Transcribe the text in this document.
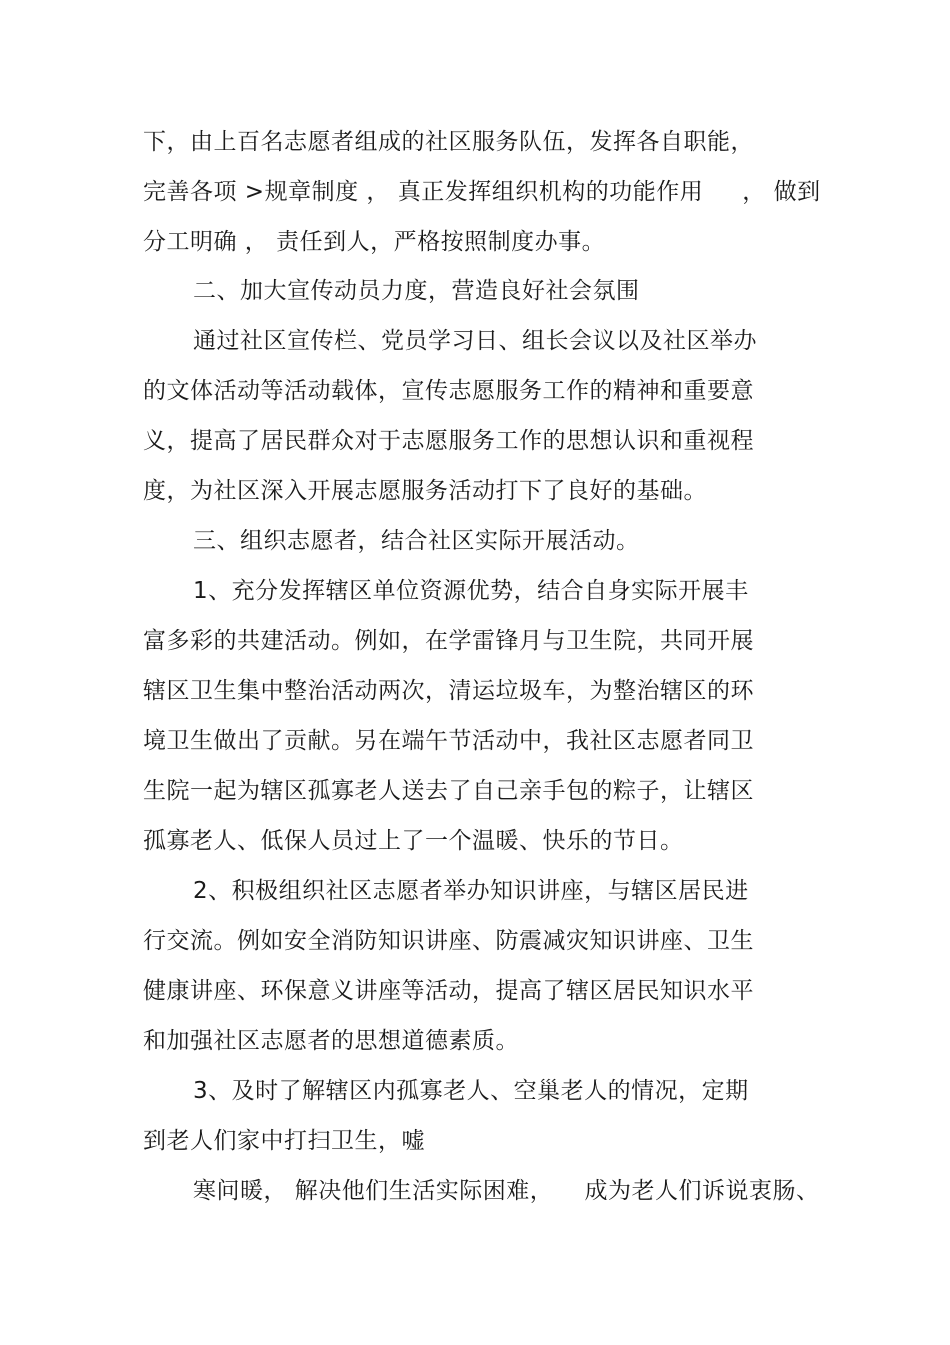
下，由上百名志愿者组成的社区服务队伍，发挥各自职能，
完善各项 >规章制度 ， 真正发挥组织机构的功能作用     ， 做到
分工明确 ， 责任到人，严格按照制度办事。
二、加大宣传动员力度，营造良好社会氛围
通过社区宣传栏、党员学习日、组长会议以及社区举办
的文体活动等活动载体，宣传志愿服务工作的精神和重要意
义，提高了居民群众对于志愿服务工作的思想认识和重视程
度，为社区深入开展志愿服务活动打下了良好的基础。
三、组织志愿者，结合社区实际开展活动。
1、充分发挥辖区单位资源优势，结合自身实际开展丰
富多彩的共建活动。例如，在学雷锋月与卫生院，共同开展
辖区卫生集中整治活动两次，清运垃圾车，为整治辖区的环
境卫生做出了贡献。另在端午节活动中，我社区志愿者同卫
生院一起为辖区孤寡老人送去了自己亲手包的粽子，让辖区
孤寡老人、低保人员过上了一个温暖、快乐的节日。
2、积极组织社区志愿者举办知识讲座，与辖区居民进
行交流。例如安全消防知识讲座、防震减灾知识讲座、卫生
健康讲座、环保意义讲座等活动，提高了辖区居民知识水平
和加强社区志愿者的思想道德素质。
3、及时了解辖区内孤寡老人、空巢老人的情况，定期
到老人们家中打扫卫生，嘘
寒问暖， 解决他们生活实际困难，    成为老人们诉说衷肠、
